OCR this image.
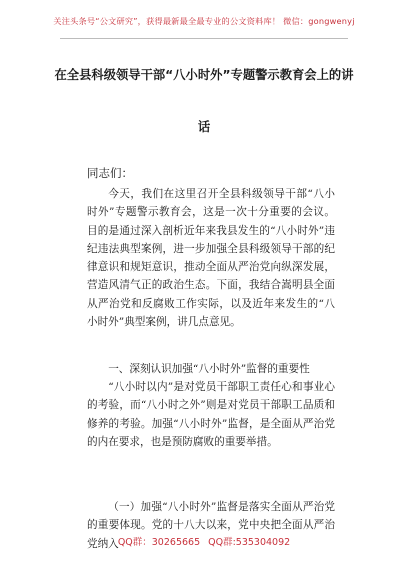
关注头条号“公文研究”，获得最新最全最专业的公文资料库！ 微信：gongwenyj
在全县科级领导干部“八小时外”专题警示教育会上的讲
话
同志们：

今天，我们在这里召开全县科级领导干部“八小时外”专题警示教育会，这是一次十分重要的会议。目的是通过深入剖析近年来我县发生的“八小时外”违纪违法典型案例，进一步加强全县科级领导干部的纪律意识和规矩意识，推动全面从严治党向纵深发展，营造风清气正的政治生态。下面，我结合嵩明县全面从严治党和反腐败工作实际，以及近年来发生的“八小时外”典型案例，讲几点意见。

一、深刻认识加强“八小时外”监督的重要性

“八小时以内”是对党员干部职工责任心和事业心的考验，而“八小时之外”则是对党员干部职工品质和修养的考验。加强“八小时外”监督，是全面从严治党的内在要求，也是预防腐败的重要举措。

（一）加强“八小时外”监督是落实全面从严治党的重要体现。党的十八大以来，党中央把全面从严治党纳入 QQ群：30265665 QQ群:535304092
